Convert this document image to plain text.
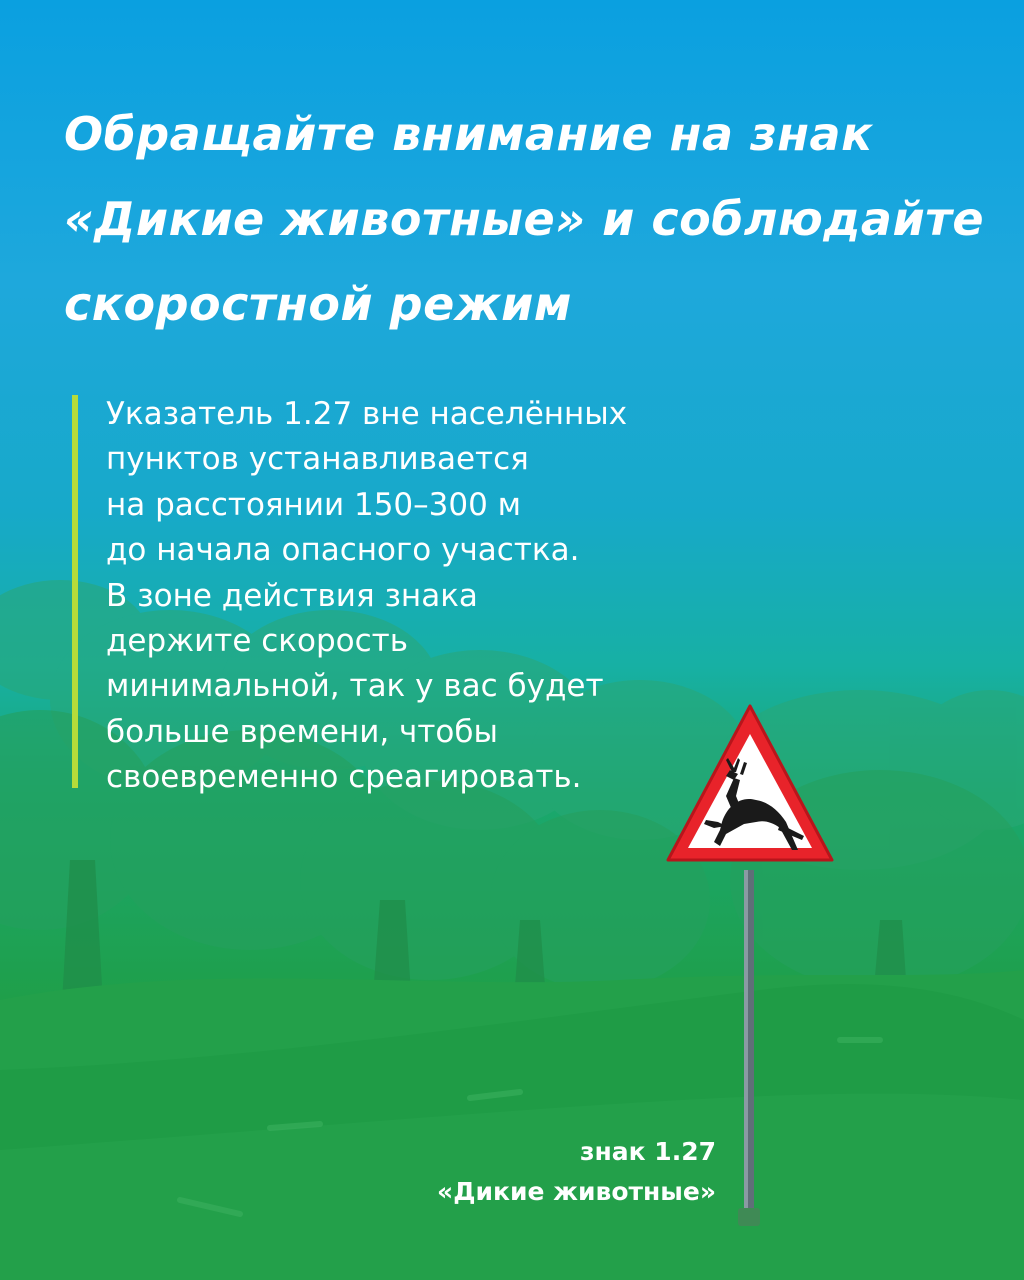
Обращайте внимание на знак
«Дикие животные» и соблюдайте
скоростной режим

Указатель 1.27 вне населённых
пунктов устанавливается
на расстоянии 150–300 м
до начала опасного участка.
В зоне действия знака
держите скорость
минимальной, так у вас будет
больше времени, чтобы
своевременно среагировать.

знак 1.27
«Дикие животные»
